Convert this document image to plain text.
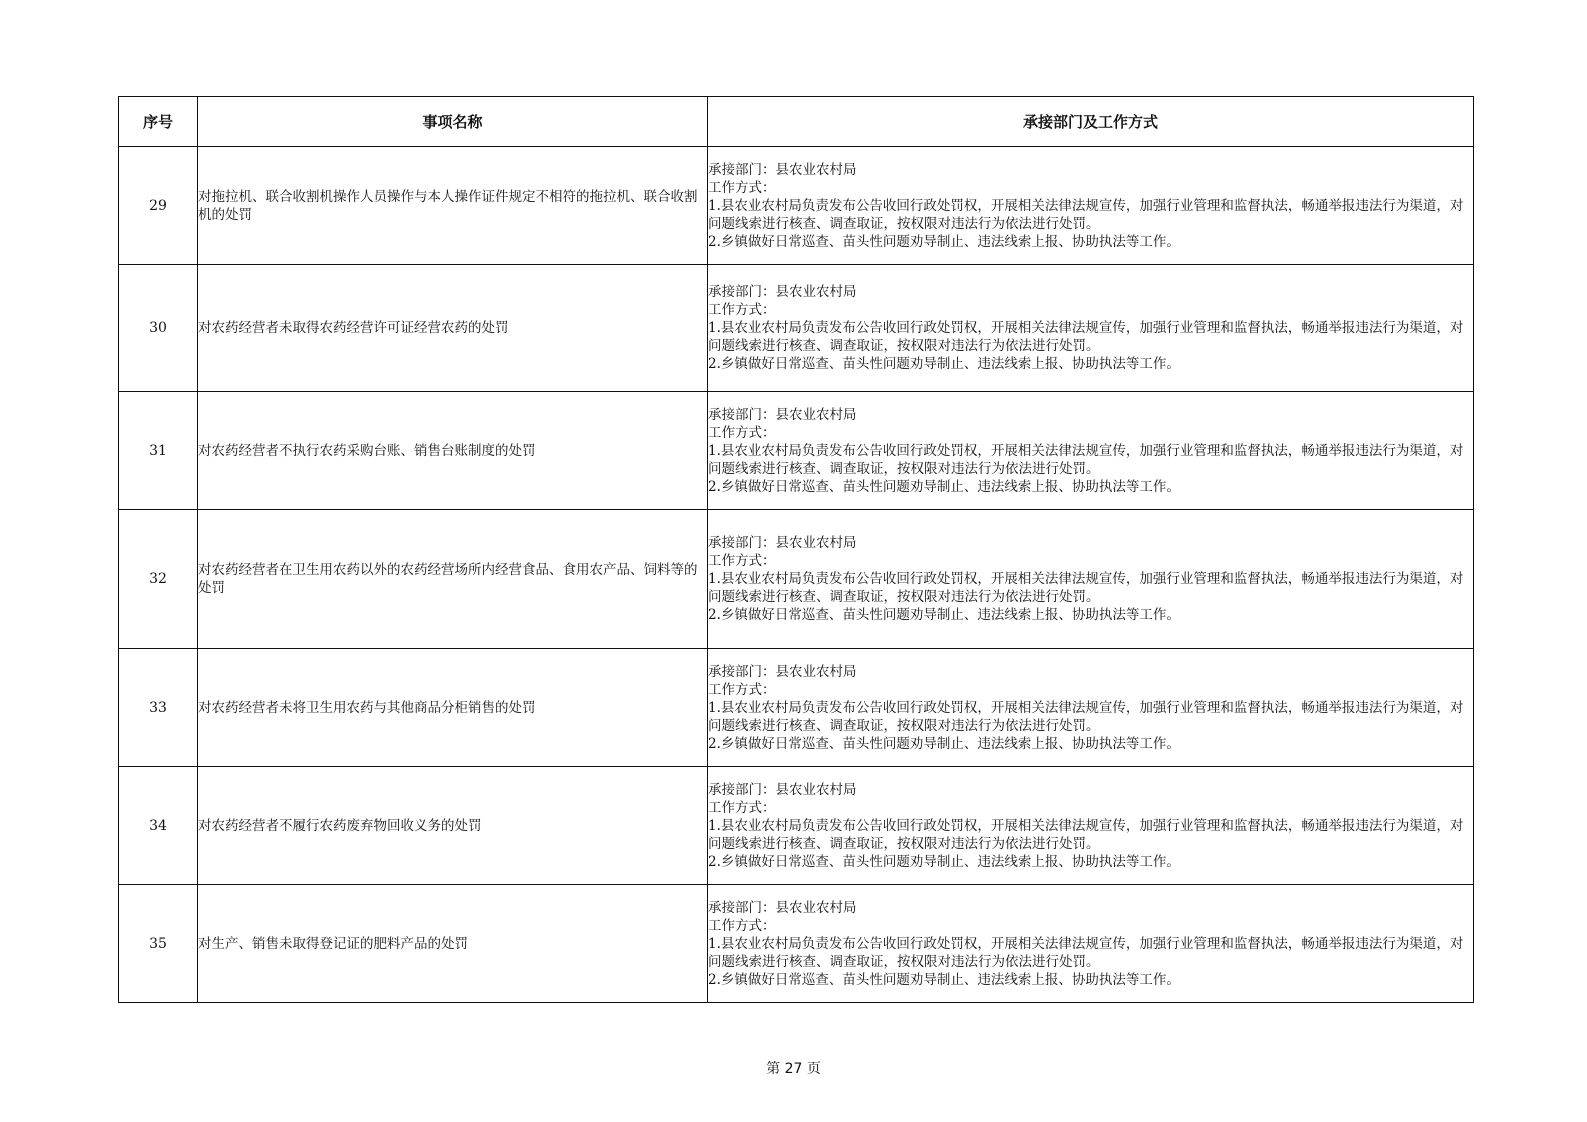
序号	事项名称	承接部门及工作方式
29	对拖拉机、联合收割机操作人员操作与本人操作证件规定不相符的拖拉机、联合收割机的处罚	承接部门：县农业农村局
工作方式：
1.县农业农村局负责发布公告收回行政处罚权，开展相关法律法规宣传，加强行业管理和监督执法，畅通举报违法行为渠道，对问题线索进行核查、调查取证，按权限对违法行为依法进行处罚。
2.乡镇做好日常巡查、苗头性问题劝导制止、违法线索上报、协助执法等工作。

30	对农药经营者未取得农药经营许可证经营农药的处罚	承接部门：县农业农村局
工作方式：
1.县农业农村局负责发布公告收回行政处罚权，开展相关法律法规宣传，加强行业管理和监督执法，畅通举报违法行为渠道，对问题线索进行核查、调查取证，按权限对违法行为依法进行处罚。
2.乡镇做好日常巡查、苗头性问题劝导制止、违法线索上报、协助执法等工作。

31	对农药经营者不执行农药采购台账、销售台账制度的处罚	承接部门：县农业农村局
工作方式：
1.县农业农村局负责发布公告收回行政处罚权，开展相关法律法规宣传，加强行业管理和监督执法，畅通举报违法行为渠道，对问题线索进行核查、调查取证，按权限对违法行为依法进行处罚。
2.乡镇做好日常巡查、苗头性问题劝导制止、违法线索上报、协助执法等工作。

32	对农药经营者在卫生用农药以外的农药经营场所内经营食品、食用农产品、饲料等的处罚	承接部门：县农业农村局
工作方式：
1.县农业农村局负责发布公告收回行政处罚权，开展相关法律法规宣传，加强行业管理和监督执法，畅通举报违法行为渠道，对问题线索进行核查、调查取证，按权限对违法行为依法进行处罚。
2.乡镇做好日常巡查、苗头性问题劝导制止、违法线索上报、协助执法等工作。

33	对农药经营者未将卫生用农药与其他商品分柜销售的处罚	承接部门：县农业农村局
工作方式：
1.县农业农村局负责发布公告收回行政处罚权，开展相关法律法规宣传，加强行业管理和监督执法，畅通举报违法行为渠道，对问题线索进行核查、调查取证，按权限对违法行为依法进行处罚。
2.乡镇做好日常巡查、苗头性问题劝导制止、违法线索上报、协助执法等工作。

34	对农药经营者不履行农药废弃物回收义务的处罚	承接部门：县农业农村局
工作方式：
1.县农业农村局负责发布公告收回行政处罚权，开展相关法律法规宣传，加强行业管理和监督执法，畅通举报违法行为渠道，对问题线索进行核查、调查取证，按权限对违法行为依法进行处罚。
2.乡镇做好日常巡查、苗头性问题劝导制止、违法线索上报、协助执法等工作。

35	对生产、销售未取得登记证的肥料产品的处罚	承接部门：县农业农村局
工作方式：
1.县农业农村局负责发布公告收回行政处罚权，开展相关法律法规宣传，加强行业管理和监督执法，畅通举报违法行为渠道，对问题线索进行核查、调查取证，按权限对违法行为依法进行处罚。
2.乡镇做好日常巡查、苗头性问题劝导制止、违法线索上报、协助执法等工作。
第 27 页
